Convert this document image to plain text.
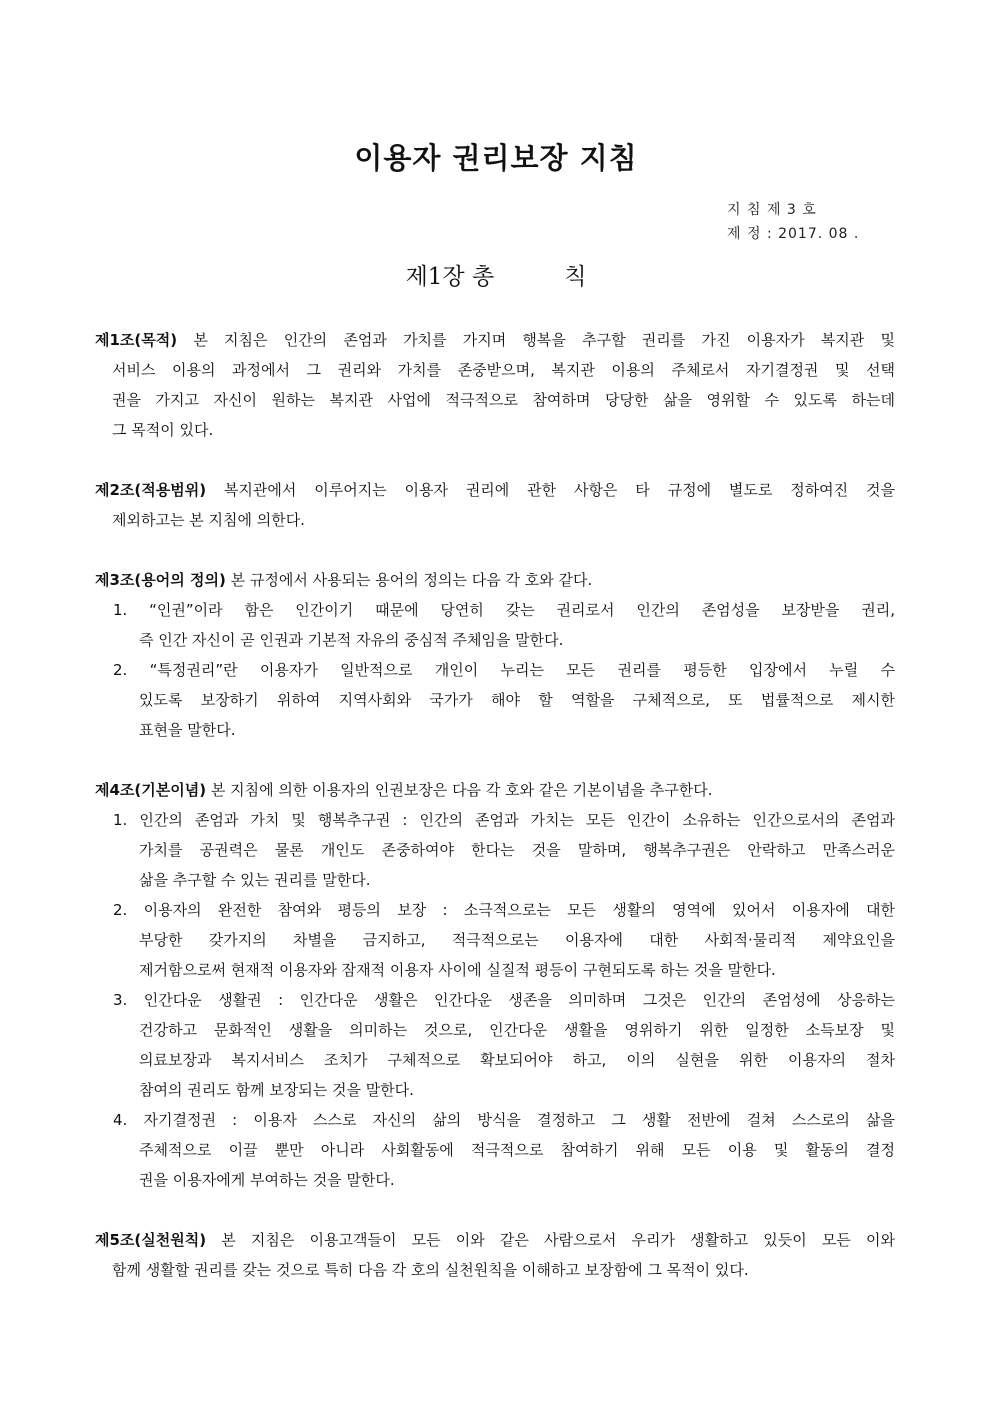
이용자 권리보장 지침
지 침 제 3 호
제 정 : 2017. 08 .
제1장 총	칙
제1조(목적) 본 지침은 인간의 존엄과 가치를 가지며 행복을 추구할 권리를 가진 이용자가 복지관 및
서비스 이용의 과정에서 그 권리와 가치를 존중받으며, 복지관 이용의 주체로서 자기결정권 및 선택
권을 가지고 자신이 원하는 복지관 사업에 적극적으로 참여하며 당당한 삶을 영위할 수 있도록 하는데
그 목적이 있다.
제2조(적용범위) 복지관에서 이루어지는 이용자 권리에 관한 사항은 타 규정에 별도로 정하여진 것을
제외하고는 본 지침에 의한다.
제3조(용어의 정의) 본 규정에서 사용되는 용어의 정의는 다음 각 호와 같다.
1. “인권”이라 함은 인간이기 때문에 당연히 갖는 권리로서 인간의 존엄성을 보장받을 권리,
즉 인간 자신이 곧 인권과 기본적 자유의 중심적 주체임을 말한다.
2. “특정권리”란 이용자가 일반적으로 개인이 누리는 모든 권리를 평등한 입장에서 누릴 수
있도록 보장하기 위하여 지역사회와 국가가 해야 할 역할을 구체적으로, 또 법률적으로 제시한
표현을 말한다.
제4조(기본이념) 본 지침에 의한 이용자의 인권보장은 다음 각 호와 같은 기본이념을 추구한다.
1. 인간의 존엄과 가치 및 행복추구권 : 인간의 존엄과 가치는 모든 인간이 소유하는 인간으로서의 존엄과
가치를 공권력은 물론 개인도 존중하여야 한다는 것을 말하며, 행복추구권은 안락하고 만족스러운
삶을 추구할 수 있는 권리를 말한다.
2. 이용자의 완전한 참여와 평등의 보장 : 소극적으로는 모든 생활의 영역에 있어서 이용자에 대한
부당한 갖가지의 차별을 금지하고, 적극적으로는 이용자에 대한 사회적·물리적 제약요인을
제거함으로써 현재적 이용자와 잠재적 이용자 사이에 실질적 평등이 구현되도록 하는 것을 말한다.
3. 인간다운 생활권 : 인간다운 생활은 인간다운 생존을 의미하며 그것은 인간의 존엄성에 상응하는
건강하고 문화적인 생활을 의미하는 것으로, 인간다운 생활을 영위하기 위한 일정한 소득보장 및
의료보장과 복지서비스 조치가 구체적으로 확보되어야 하고, 이의 실현을 위한 이용자의 절차
참여의 권리도 함께 보장되는 것을 말한다.
4. 자기결정권 : 이용자 스스로 자신의 삶의 방식을 결정하고 그 생활 전반에 걸쳐 스스로의 삶을
주체적으로 이끌 뿐만 아니라 사회활동에 적극적으로 참여하기 위해 모든 이용 및 활동의 결정
권을 이용자에게 부여하는 것을 말한다.
제5조(실천원칙) 본 지침은 이용고객들이 모든 이와 같은 사람으로서 우리가 생활하고 있듯이 모든 이와
함께 생활할 권리를 갖는 것으로 특히 다음 각 호의 실천원칙을 이해하고 보장함에 그 목적이 있다.
